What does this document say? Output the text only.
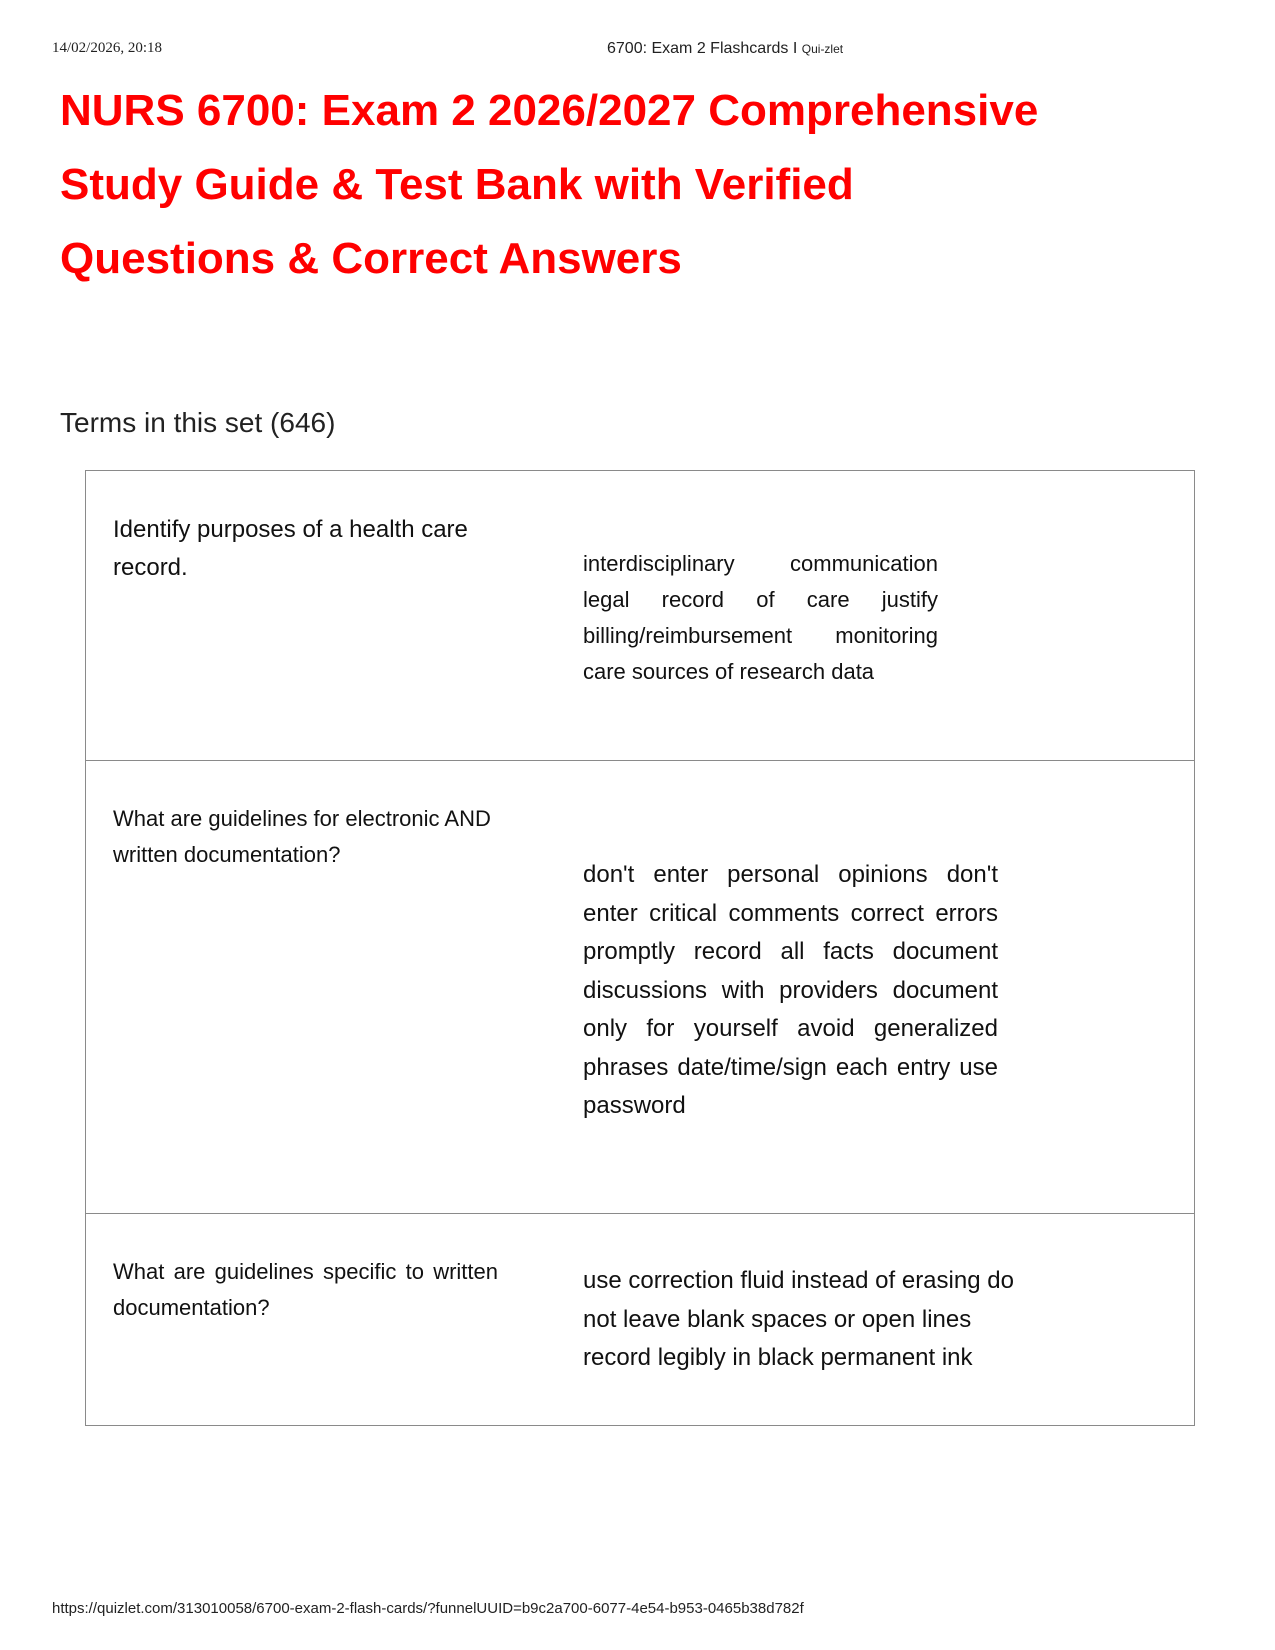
14/02/2026, 20:18	6700: Exam 2 Flashcards I Qui-zlet
NURS 6700: Exam 2 2026/2027 Comprehensive Study Guide & Test Bank with Verified Questions & Correct Answers
Terms in this set (646)
Identify purposes of a health care record.	interdisciplinary communication legal record of care justify billing/reimbursement monitoring care sources of research data
What are guidelines for electronic AND written documentation?
don't enter personal opinions don't enter critical comments correct errors promptly record all facts document discussions with providers document only for yourself avoid generalized phrases date/time/sign each entry use password
What are guidelines specific to written documentation?
use correction fluid instead of erasing do not leave blank spaces or open lines record legibly in black permanent ink
https://quizlet.com/313010058/6700-exam-2-flash-cards/?funnelUUID=b9c2a700-6077-4e54-b953-0465b38d782f
